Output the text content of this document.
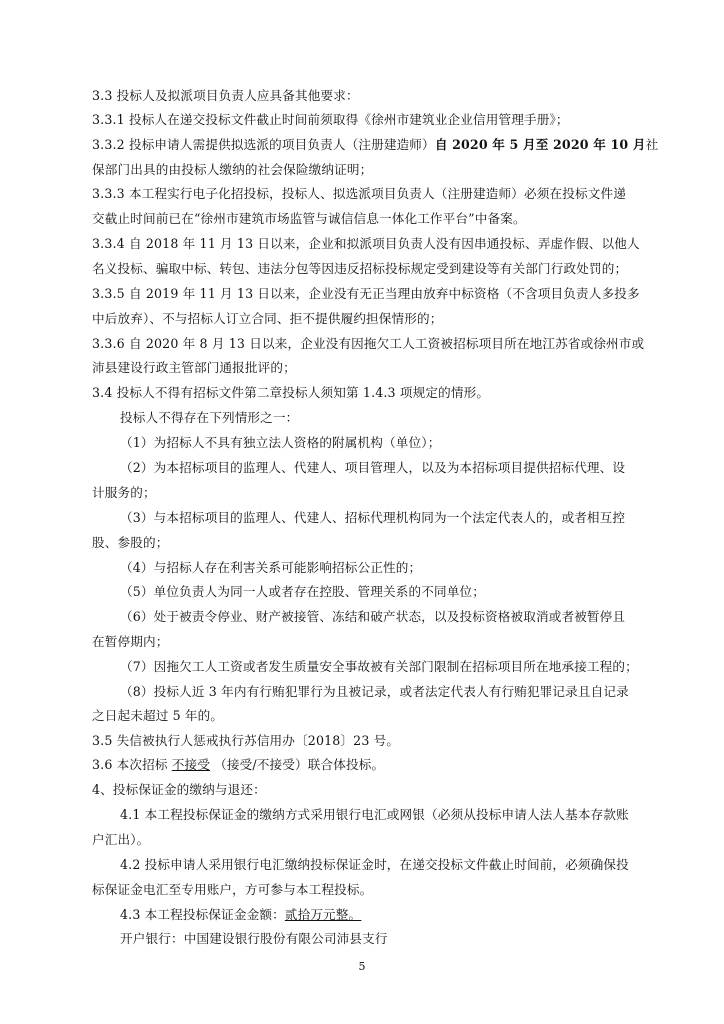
3.3 投标人及拟派项目负责人应具备其他要求：
3.3.1 投标人在递交投标文件截止时间前须取得《徐州市建筑业企业信用管理手册》；
3.3.2 投标申请人需提供拟选派的项目负责人（注册建造师）自 2020 年 5 月至 2020 年 10 月社
保部门出具的由投标人缴纳的社会保险缴纳证明；
3.3.3 本工程实行电子化招投标，投标人、拟选派项目负责人（注册建造师）必须在投标文件递
交截止时间前已在“徐州市建筑市场监管与诚信信息一体化工作平台”中备案。
3.3.4 自 2018 年 11 月 13 日以来，企业和拟派项目负责人没有因串通投标、弄虚作假、以他人
名义投标、骗取中标、转包、违法分包等因违反招标投标规定受到建设等有关部门行政处罚的；
3.3.5 自 2019 年 11 月 13 日以来，企业没有无正当理由放弃中标资格（不含项目负责人多投多
中后放弃）、不与招标人订立合同、拒不提供履约担保情形的；
3.3.6 自 2020 年 8 月 13 日以来，企业没有因拖欠工人工资被招标项目所在地江苏省或徐州市或
沛县建设行政主管部门通报批评的；
3.4 投标人不得有招标文件第二章投标人须知第 1.4.3 项规定的情形。
投标人不得存在下列情形之一：
（1）为招标人不具有独立法人资格的附属机构（单位）；
（2）为本招标项目的监理人、代建人、项目管理人，以及为本招标项目提供招标代理、设
计服务的；
（3）与本招标项目的监理人、代建人、招标代理机构同为一个法定代表人的，或者相互控
股、参股的；
（4）与招标人存在利害关系可能影响招标公正性的；
（5）单位负责人为同一人或者存在控股、管理关系的不同单位；
（6）处于被责令停业、财产被接管、冻结和破产状态，以及投标资格被取消或者被暂停且
在暂停期内；
（7）因拖欠工人工资或者发生质量安全事故被有关部门限制在招标项目所在地承接工程的；
（8）投标人近 3 年内有行贿犯罪行为且被记录，或者法定代表人有行贿犯罪记录且自记录
之日起未超过 5 年的。
3.5 失信被执行人惩戒执行苏信用办〔2018〕23 号。
3.6 本次招标 不接受 （接受/不接受）联合体投标。
4、投标保证金的缴纳与退还：
4.1 本工程投标保证金的缴纳方式采用银行电汇或网银（必须从投标申请人法人基本存款账
户汇出）。
4.2 投标申请人采用银行电汇缴纳投标保证金时，在递交投标文件截止时间前，必须确保投
标保证金电汇至专用账户，方可参与本工程投标。
4.3 本工程投标保证金金额：贰拾万元整。
开户银行：中国建设银行股份有限公司沛县支行
5
